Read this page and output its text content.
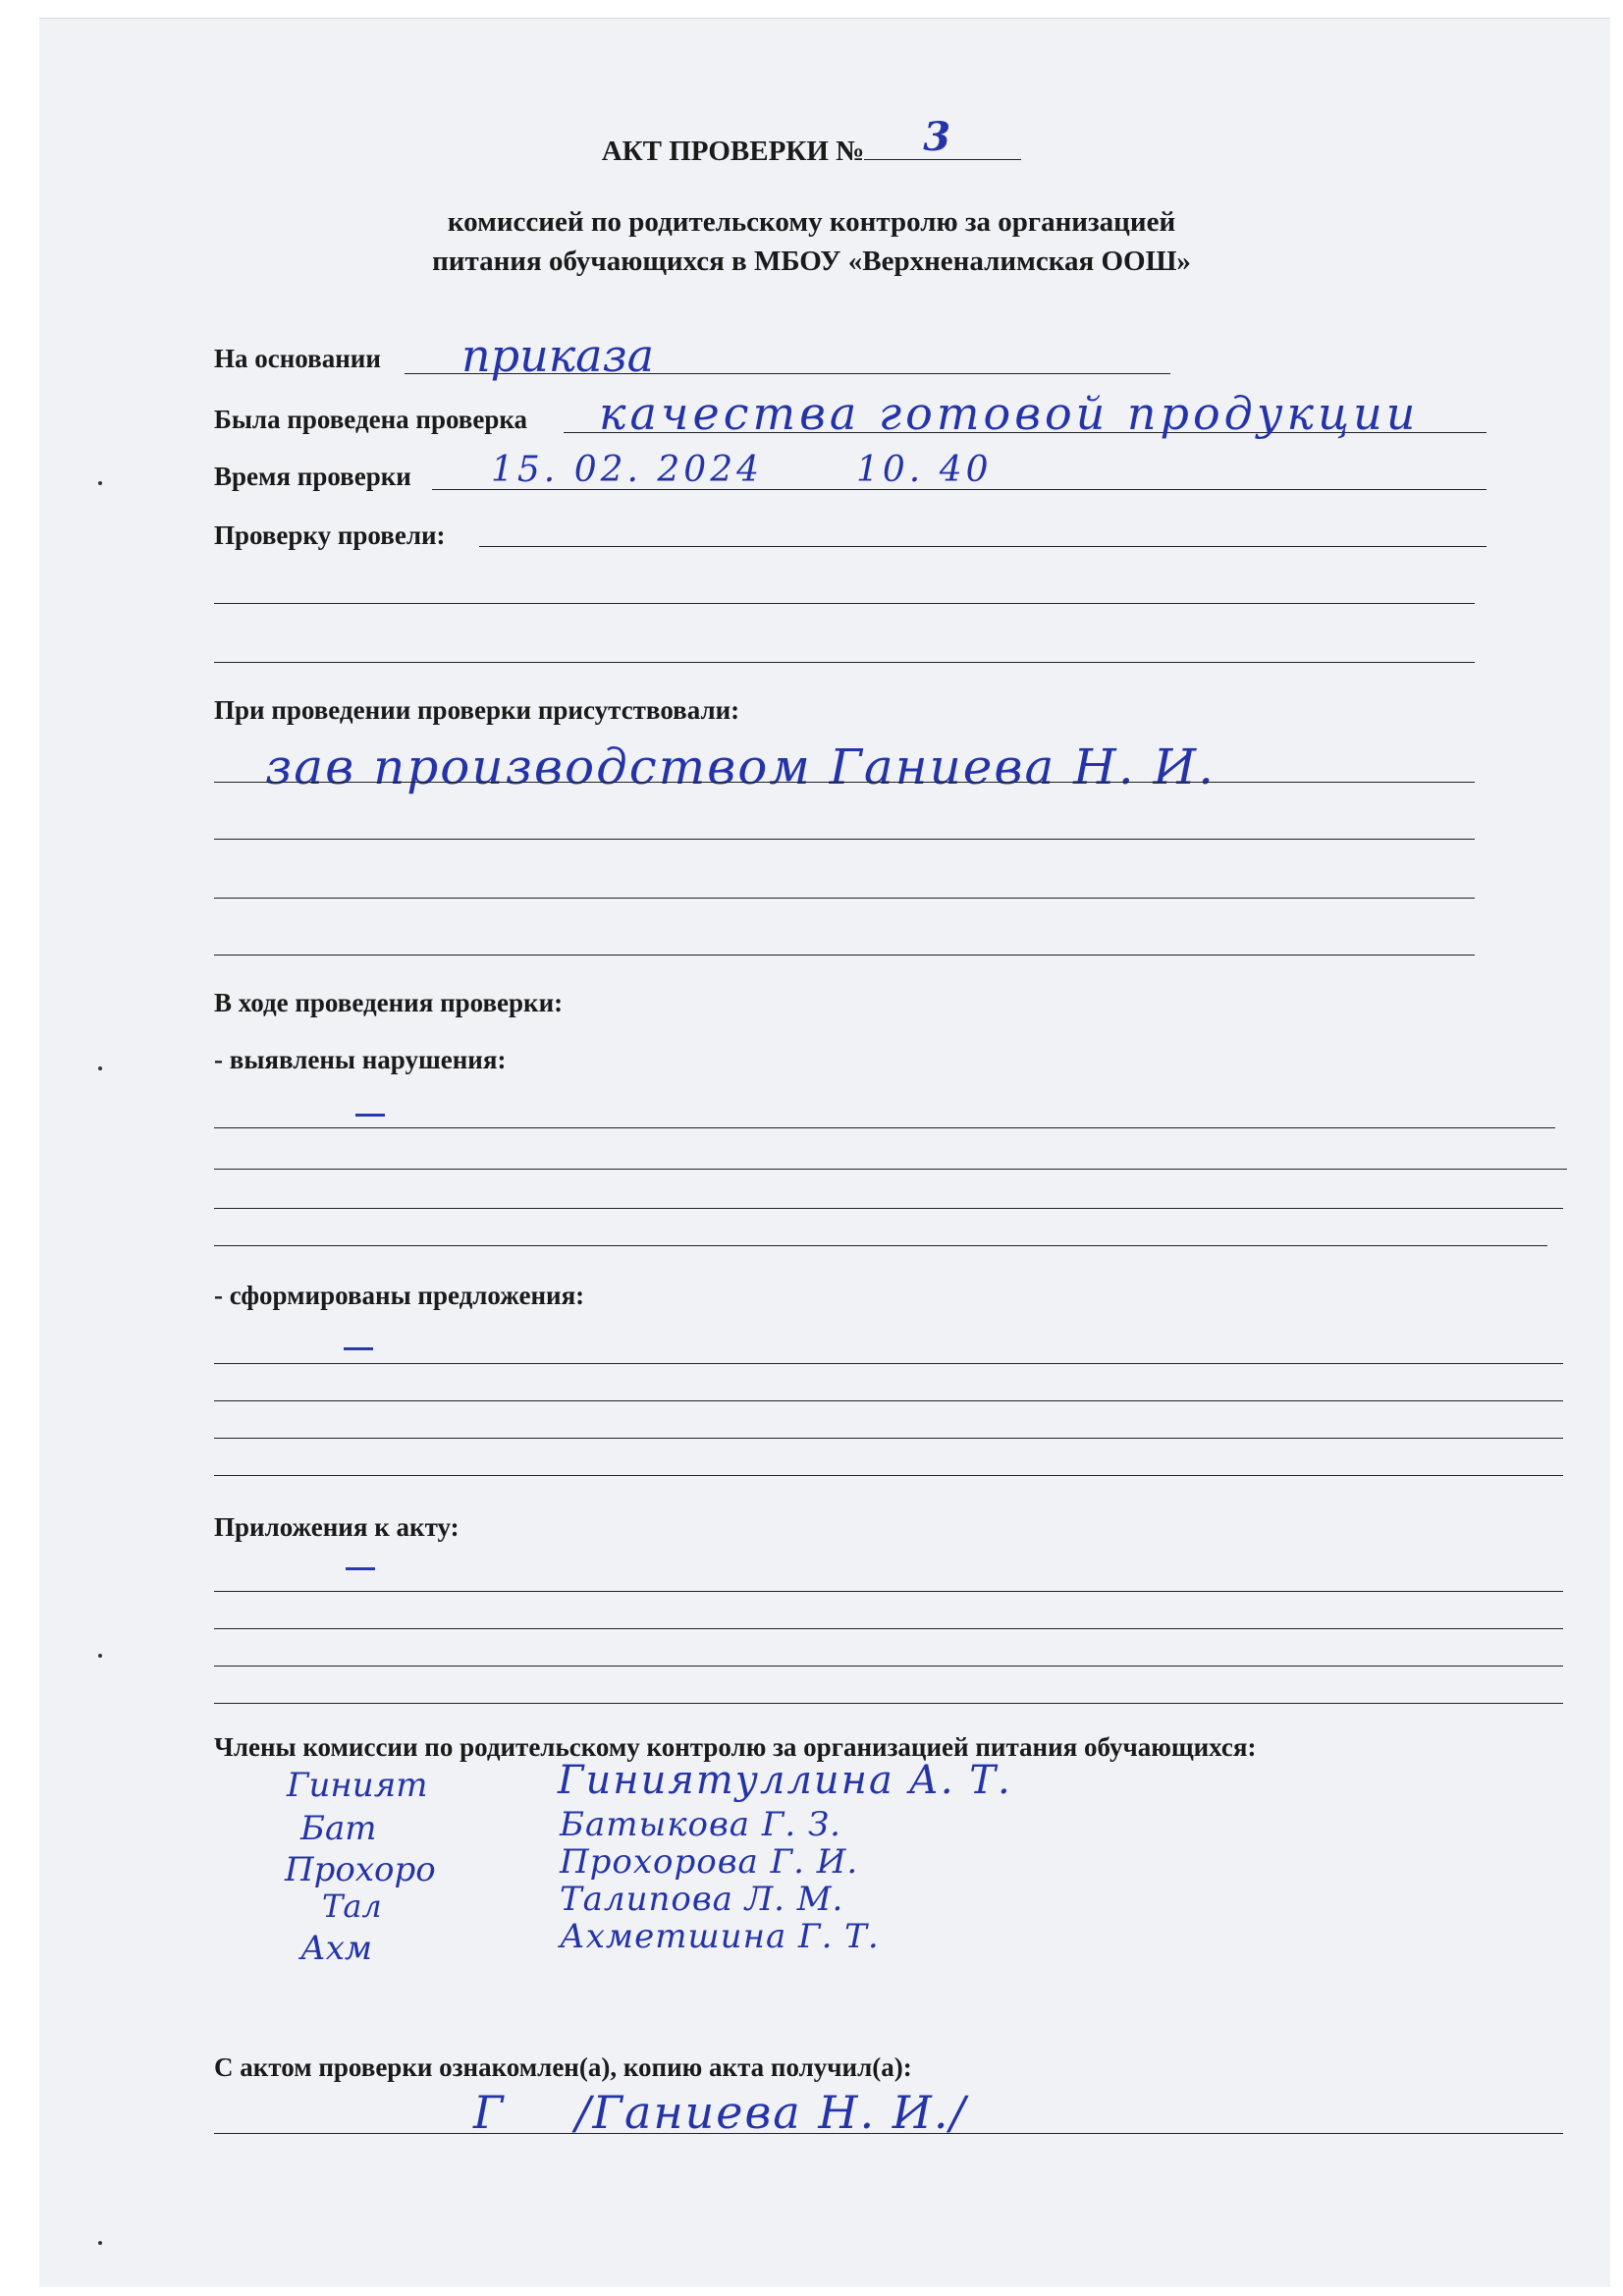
АКТ ПРОВЕРКИ № 3
комиссией по родительскому контролю за организацией
питания обучающихся в МБОУ «Верхненалимская ООШ»
На основании приказа
Была проведена проверка качества готовой продукции
Время проверки 15. 02. 2024	10. 40
Проверку провели:
При проведении проверки присутствовали:
зав производством Ганиева Н. И.
В ходе проведения проверки:
- выявлены нарушения:
- сформированы предложения:
Приложения к акту:
Члены комиссии по родительскому контролю за организацией питания обучающихся:
Гиният
Бат
Прохоро
Тал
Ахм
Гиниятуллина А. Т.
Батыкова Г. З.
Прохорова Г. И.
Талипова Л. М.
Ахметшина Г. Т.
С актом проверки ознакомлен(а), копию акта получил(а):
Г /Ганиева Н. И./
